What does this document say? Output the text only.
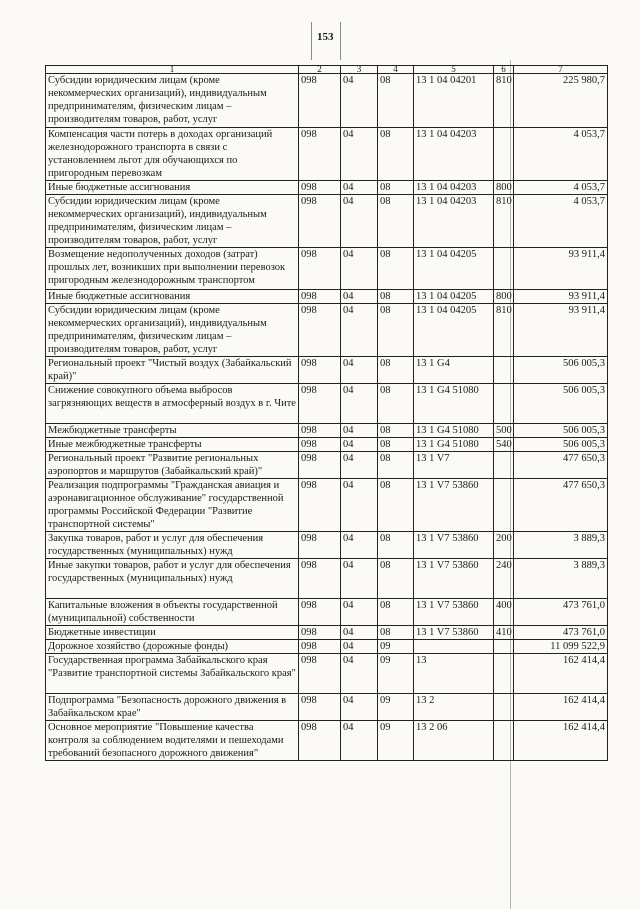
153
1	2	3	4	5	6	7
Субсидии юридическим лицам (кроме некоммерческих организаций), индивидуальным предпринимателям, физическим лицам – производителям товаров, работ, услуг	098	04	08	13 1 04 04201	810	225 980,7
Компенсация части потерь в доходах организаций железнодорожного транспорта в связи с установлением льгот для обучающихся по пригородным перевозкам	098	04	08	13 1 04 04203		4 053,7
Иные бюджетные ассигнования	098	04	08	13 1 04 04203	800	4 053,7
Субсидии юридическим лицам (кроме некоммерческих организаций), индивидуальным предпринимателям, физическим лицам – производителям товаров, работ, услуг	098	04	08	13 1 04 04203	810	4 053,7
Возмещение недополученных доходов (затрат) прошлых лет, возникших при выполнении перевозок пригородным железнодорожным транспортом	098	04	08	13 1 04 04205		93 911,4
Иные бюджетные ассигнования	098	04	08	13 1 04 04205	800	93 911,4
Субсидии юридическим лицам (кроме некоммерческих организаций), индивидуальным предпринимателям, физическим лицам – производителям товаров, работ, услуг	098	04	08	13 1 04 04205	810	93 911,4
Региональный проект "Чистый воздух (Забайкальский край)"	098	04	08	13 1 G4		506 005,3
Снижение совокупного объема выбросов загрязняющих веществ в атмосферный воздух в г. Чите	098	04	08	13 1 G4 51080		506 005,3
Межбюджетные трансферты	098	04	08	13 1 G4 51080	500	506 005,3
Иные межбюджетные трансферты	098	04	08	13 1 G4 51080	540	506 005,3
Региональный проект "Развитие региональных аэропортов и маршрутов (Забайкальский край)"	098	04	08	13 1 V7		477 650,3
Реализация подпрограммы "Гражданская авиация и аэронавигационное обслуживание" государственной программы Российской Федерации "Развитие транспортной системы"	098	04	08	13 1 V7 53860		477 650,3
Закупка товаров, работ и услуг для обеспечения государственных (муниципальных) нужд	098	04	08	13 1 V7 53860	200	3 889,3
Иные закупки товаров, работ и услуг для обеспечения государственных (муниципальных) нужд	098	04	08	13 1 V7 53860	240	3 889,3
Капитальные вложения в объекты государственной (муниципальной) собственности	098	04	08	13 1 V7 53860	400	473 761,0
Бюджетные инвестиции	098	04	08	13 1 V7 53860	410	473 761,0
Дорожное хозяйство (дорожные фонды)	098	04	09			11 099 522,9
Государственная программа Забайкальского края "Развитие транспортной системы Забайкальского края"	098	04	09	13		162 414,4
Подпрограмма "Безопасность дорожного движения в Забайкальском крае"	098	04	09	13 2		162 414,4
Основное мероприятие "Повышение качества контроля за соблюдением водителями и пешеходами требований безопасного дорожного движения"	098	04	09	13 2 06		162 414,4
